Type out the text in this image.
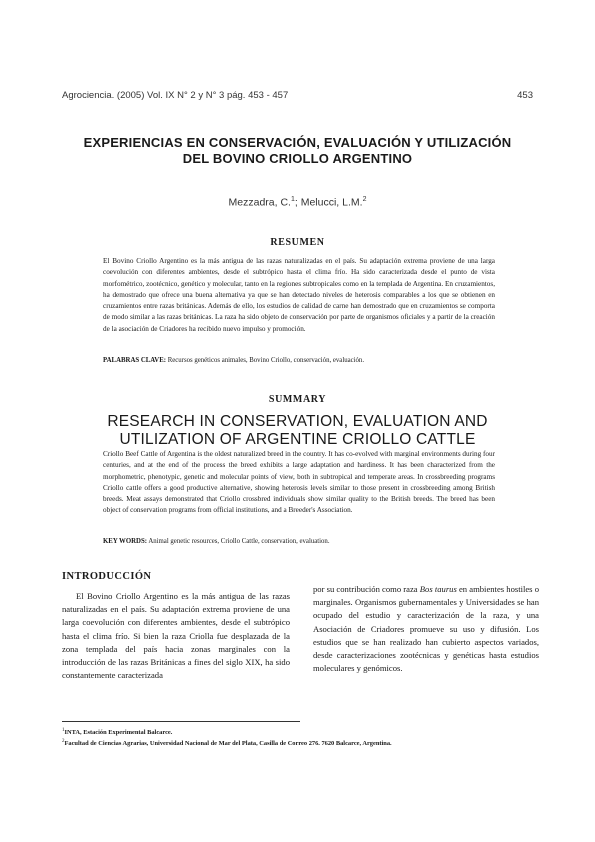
Agrociencia. (2005) Vol. IX N° 2 y N° 3 pág. 453 - 457	453
EXPERIENCIAS EN CONSERVACIÓN, EVALUACIÓN Y UTILIZACIÓN
DEL BOVINO CRIOLLO ARGENTINO
Mezzadra, C.$^1$; Melucci, L.M.$^2$
RESUMEN
El Bovino Criollo Argentino es la más antigua de las razas naturalizadas en el país. Su adaptación extrema proviene de una larga coevolución con diferentes ambientes, desde el subtrópico hasta el clima frío. Ha sido caracterizada desde el punto de vista morfométrico, zootécnico, genético y molecular, tanto en la regiones subtropicales como en la templada de Argentina. En cruzamientos, ha demostrado que ofrece una buena alternativa ya que se han detectado niveles de heterosis comparables a los que se obtienen en cruzamientos entre razas británicas. Además de ello, los estudios de calidad de carne han demostrado que en cruzamientos se comporta de modo similar a las razas británicas. La raza ha sido objeto de conservación por parte de organismos oficiales y a partir de la creación de la asociación de Criadores ha recibido nuevo impulso y promoción.
PALABRAS CLAVE: Recursos genéticos animales, Bovino Criollo, conservación, evaluación.
SUMMARY
RESEARCH IN CONSERVATION, EVALUATION AND
UTILIZATION OF ARGENTINE CRIOLLO CATTLE
Criollo Beef Cattle of Argentina is the oldest naturalized breed in the country. It has co-evolved with marginal environments during four centuries, and at the end of the process the breed exhibits a large adaptation and hardiness. It has been characterized from the morphometric, phenotypic, genetic and molecular points of view, both in subtropical and temperate areas. In crossbreeding programs Criollo cattle offers a good productive alternative, showing heterosis levels similar to those present in crossbreeding among British breeds. Meat assays demonstrated that Criollo crossbred individuals show similar quality to the British breeds. The breed has been object of conservation programs from official institutions, and a Breeder's Association.
KEY WORDS: Animal genetic resources, Criollo Cattle, conservation, evaluation.
INTRODUCCIÓN
El Bovino Criollo Argentino es la más antigua de las razas naturalizadas en el país. Su adaptación extrema proviene de una larga coevolución con diferentes ambientes, desde el subtrópico hasta el clima frío. Si bien la raza Criolla fue desplazada de la zona templada del país hacia zonas marginales con la introducción de las razas Británicas a fines del siglo XIX, ha sido constantemente caracterizada
por su contribución como raza Bos taurus en ambientes hostiles o marginales. Organismos gubernamentales y Universidades se han ocupado del estudio y caracterización de la raza, y una Asociación de Criadores promueve su uso y difusión. Los estudios que se han realizado han cubierto aspectos variados, desde caracterizaciones zootécnicas y genéticas hasta estudios moleculares y genómicos.
$^1$INTA, Estación Experimental Balcarce.
$^2$Facultad de Ciencias Agrarias, Universidad Nacional de Mar del Plata, Casilla de Correo 276. 7620 Balcarce, Argentina.
